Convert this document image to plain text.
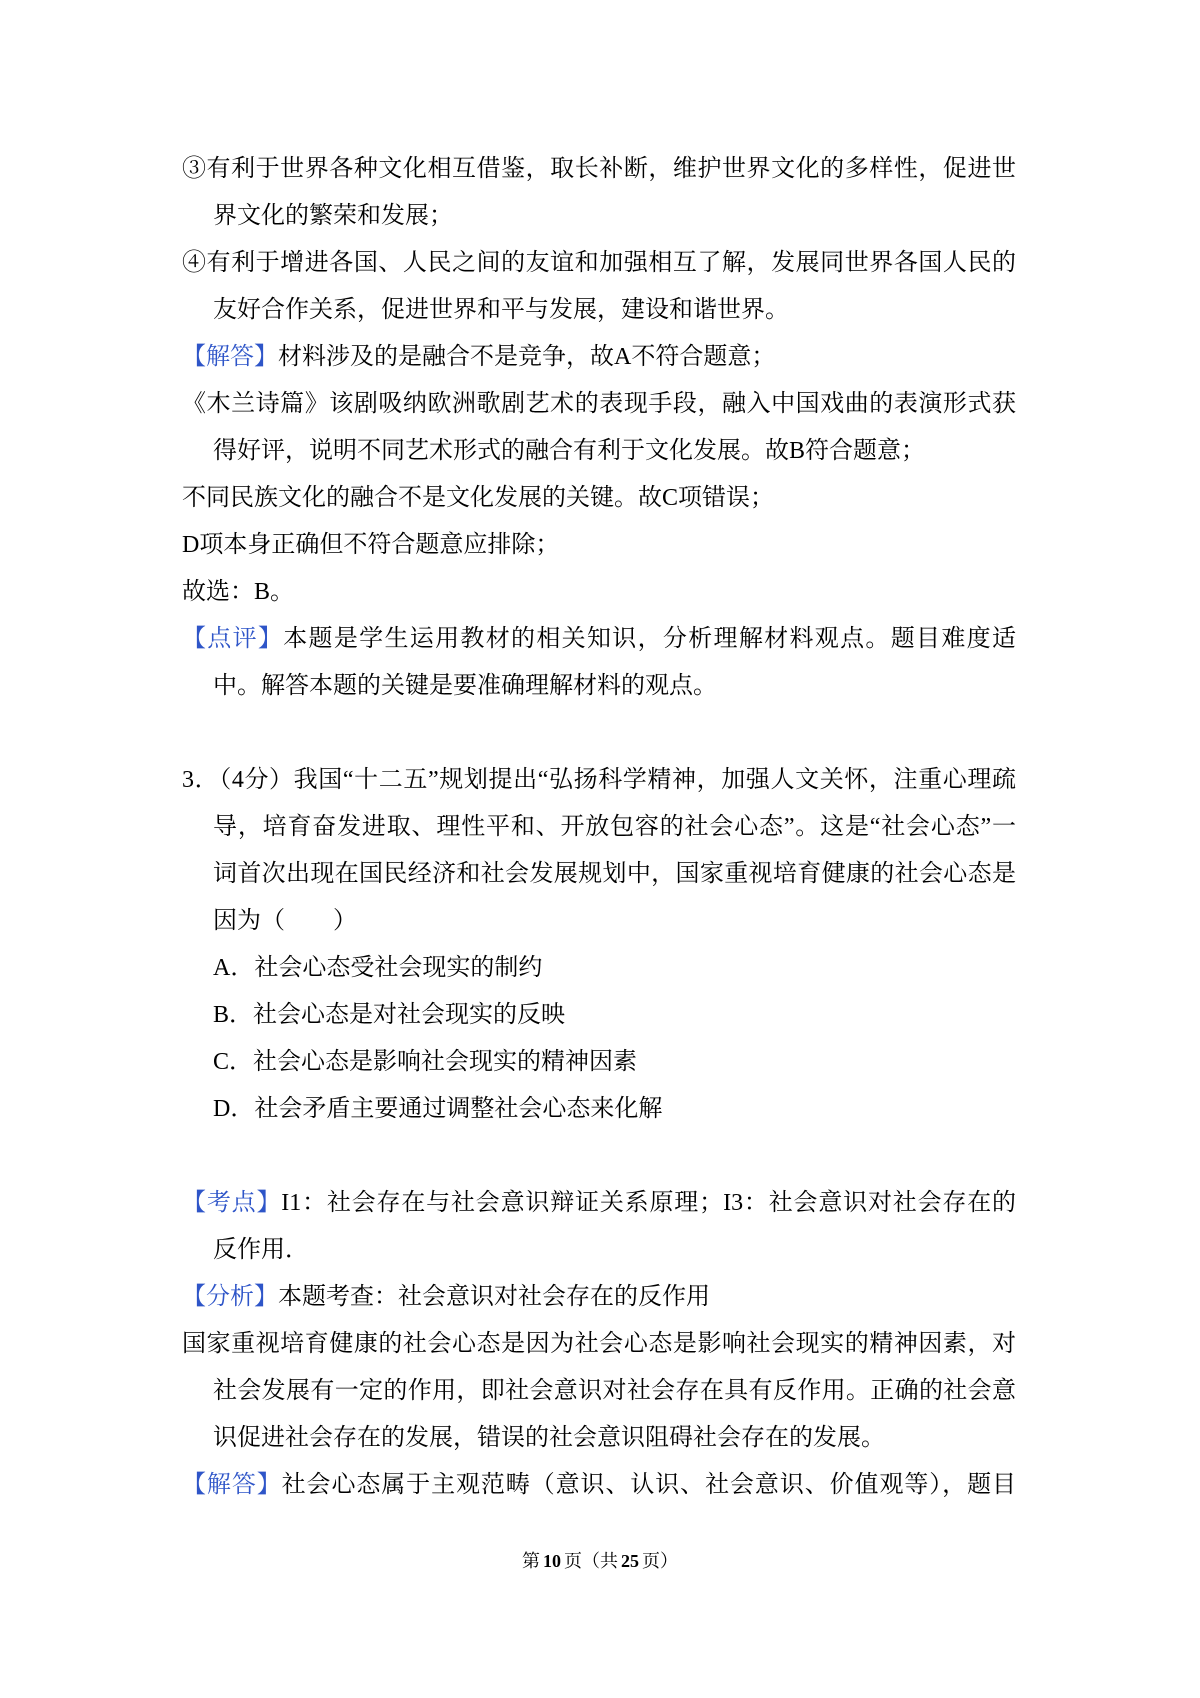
③有利于世界各种文化相互借鉴，取长补断，维护世界文化的多样性，促进世
界文化的繁荣和发展；
④有利于增进各国、人民之间的友谊和加强相互了解，发展同世界各国人民的
友好合作关系，促进世界和平与发展，建设和谐世界。
【解答】材料涉及的是融合不是竞争，故A不符合题意；
《木兰诗篇》该剧吸纳欧洲歌剧艺术的表现手段，融入中国戏曲的表演形式获
得好评，说明不同艺术形式的融合有利于文化发展。故B符合题意；
不同民族文化的融合不是文化发展的关键。故C项错误；
D项本身正确但不符合题意应排除；
故选：B。
【点评】本题是学生运用教材的相关知识，分析理解材料观点。题目难度适
中。解答本题的关键是要准确理解材料的观点。
3．（4分）我国“十二五”规划提出“弘扬科学精神，加强人文关怀，注重心理疏
导，培育奋发进取、理性平和、开放包容的社会心态”。这是“社会心态”一
词首次出现在国民经济和社会发展规划中，国家重视培育健康的社会心态是
因为（　　）
A．社会心态受社会现实的制约
B．社会心态是对社会现实的反映
C．社会心态是影响社会现实的精神因素
D．社会矛盾主要通过调整社会心态来化解
【考点】I1：社会存在与社会意识辩证关系原理；I3：社会意识对社会存在的
反作用．
【分析】本题考查：社会意识对社会存在的反作用
国家重视培育健康的社会心态是因为社会心态是影响社会现实的精神因素，对
社会发展有一定的作用，即社会意识对社会存在具有反作用。正确的社会意
识促进社会存在的发展，错误的社会意识阻碍社会存在的发展。
【解答】社会心态属于主观范畴（意识、认识、社会意识、价值观等），题目
第 10 页（共 25 页）
